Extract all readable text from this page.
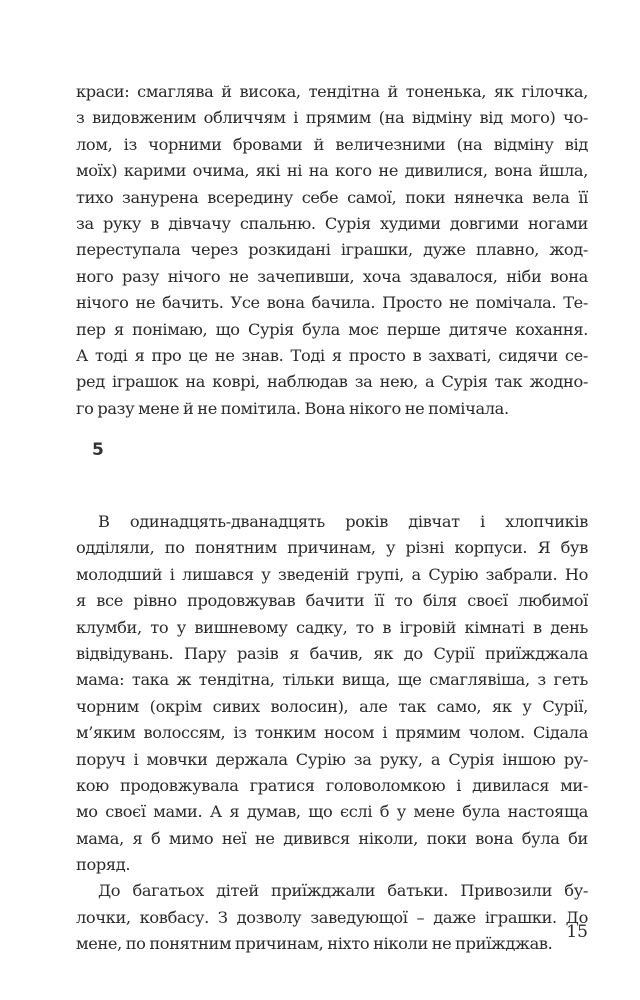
краси: смаглява й висока, тендітна й тоненька, як гілочка,
з видовженим обличчям і прямим (на відміну від мого) чо-
лом, із чорними бровами й величезними (на відміну від
моїх) карими очима, які ні на кого не дивилися, вона йшла,
тихо занурена всередину себе самої, поки нянечка вела її
за руку в дівчачу спальню. Сурія худими довгими ногами
переступала через розкидані іграшки, дуже плавно, жод-
ного разу нічого не зачепивши, хоча здавалося, ніби вона
нічого не бачить. Усе вона бачила. Просто не помічала. Те-
пер я понімаю, що Сурія була моє перше дитяче кохання.
А тоді я про це не знав. Тоді я просто в захваті, сидячи се-
ред іграшок на коврі, наблюдав за нею, а Сурія так жодно-
го разу мене й не помітила. Вона нікого не помічала.
5
В одинадцять-дванадцять років дівчат і хлопчиків
одділяли, по понятним причинам, у різні корпуси. Я був
молодший і лишався у зведеній групі, а Сурію забрали. Но
я все рівно продовжував бачити її то біля своєї любимої
клумби, то у вишневому садку, то в ігровій кімнаті в день
відвідувань. Пару разів я бачив, як до Сурії приїжджала
мама: така ж тендітна, тільки вища, ще смаглявіша, з геть
чорним (окрім сивих волосин), але так само, як у Сурії,
м’яким волоссям, із тонким носом і прямим чолом. Сідала
поруч і мовчки держала Сурію за руку, а Сурія іншою ру-
кою продовжувала гратися головоломкою і дивилася ми-
мо своєї мами. А я думав, що єслі б у мене була настояща
мама, я б мимо неї не дивився ніколи, поки вона була би
поряд.
До багатьох дітей приїжджали батьки. Привозили бу-
лочки, ковбасу. З дозволу заведующої – даже іграшки. До
мене, по понятним причинам, ніхто ніколи не приїжджав.
15
